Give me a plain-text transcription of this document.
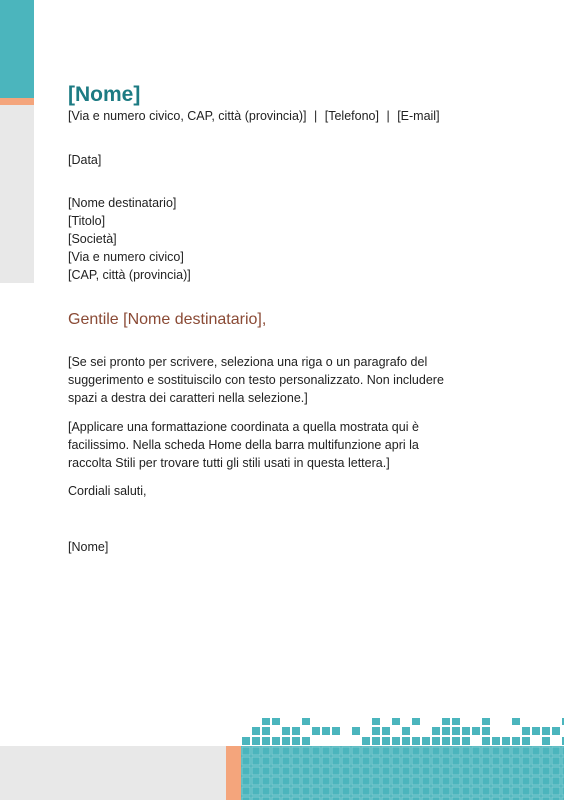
[Nome]

[Via e numero civico, CAP, città (provincia)] | [Telefono] | [E-mail]

[Data]
[Nome destinatario]
[Titolo]
[Società]
[Via e numero civico]
[CAP, città (provincia)]
Gentile [Nome destinatario],

[Se sei pronto per scrivere, seleziona una riga o un paragrafo del suggerimento e sostituiscilo con testo personalizzato. Non includere spazi a destra dei caratteri nella selezione.]

[Applicare una formattazione coordinata a quella mostrata qui è facilissimo. Nella scheda Home della barra multifunzione apri la raccolta Stili per trovare tutti gli stili usati in questa lettera.]

Cordiali saluti,
[Nome]
